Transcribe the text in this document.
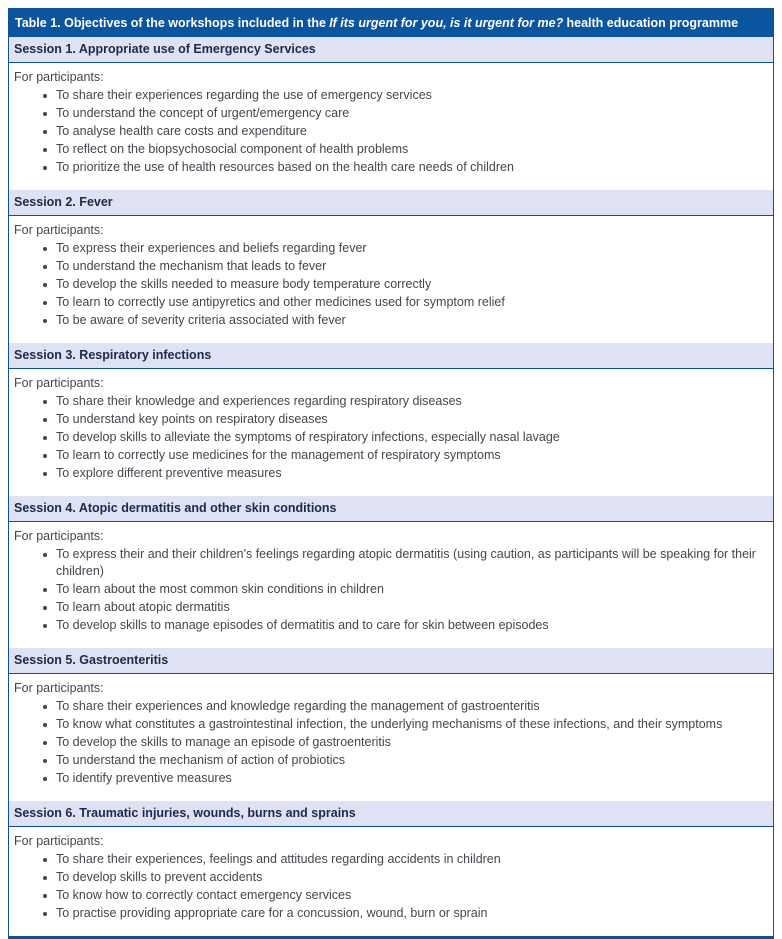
Table 1. Objectives of the workshops included in the If its urgent for you, is it urgent for me? health education programme
Session 1. Appropriate use of Emergency Services
For participants:
To share their experiences regarding the use of emergency services
To understand the concept of urgent/emergency care
To analyse health care costs and expenditure
To reflect on the biopsychosocial component of health problems
To prioritize the use of health resources based on the health care needs of children
Session 2. Fever
For participants:
To express their experiences and beliefs regarding fever
To understand the mechanism that leads to fever
To develop the skills needed to measure body temperature correctly
To learn to correctly use antipyretics and other medicines used for symptom relief
To be aware of severity criteria associated with fever
Session 3. Respiratory infections
For participants:
To share their knowledge and experiences regarding respiratory diseases
To understand key points on respiratory diseases
To develop skills to alleviate the symptoms of respiratory infections, especially nasal lavage
To learn to correctly use medicines for the management of respiratory symptoms
To explore different preventive measures
Session 4. Atopic dermatitis and other skin conditions
For participants:
To express their and their children's feelings regarding atopic dermatitis (using caution, as participants will be speaking for their children)
To learn about the most common skin conditions in children
To learn about atopic dermatitis
To develop skills to manage episodes of dermatitis and to care for skin between episodes
Session 5. Gastroenteritis
For participants:
To share their experiences and knowledge regarding the management of gastroenteritis
To know what constitutes a gastrointestinal infection, the underlying mechanisms of these infections, and their symptoms
To develop the skills to manage an episode of gastroenteritis
To understand the mechanism of action of probiotics
To identify preventive measures
Session 6. Traumatic injuries, wounds, burns and sprains
For participants:
To share their experiences, feelings and attitudes regarding accidents in children
To develop skills to prevent accidents
To know how to correctly contact emergency services
To practise providing appropriate care for a concussion, wound, burn or sprain
